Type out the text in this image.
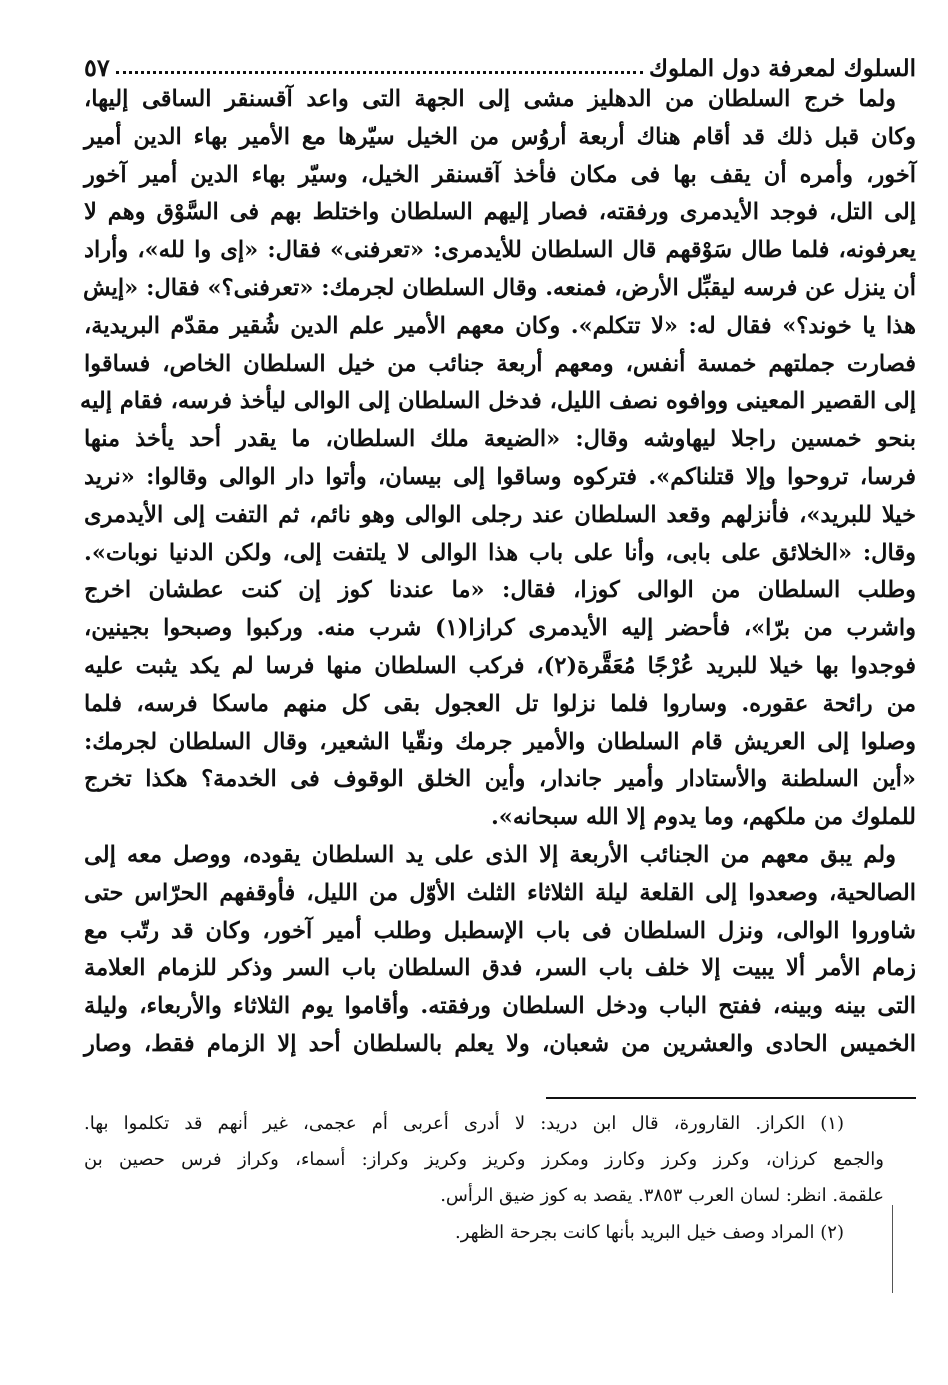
السلوك لمعرفة دول الملوك
٥٧
ولما خرج السلطان من الدهليز مشى إلى الجهة التى واعد آقسنقر الساقى إليها،
وكان قبل ذلك قد أقام هناك أربعة أروُس من الخيل سيّرها مع الأمير بهاء الدين أمير
آخور، وأمره أن يقف بها فى مكان فأخذ آقسنقر الخيل، وسيّر بهاء الدين أمير آخور
إلى التل، فوجد الأيدمرى ورفقته، فصار إليهم السلطان واختلط بهم فى السَّوْق وهم لا
يعرفونه، فلما طال سَوْقهم قال السلطان للأيدمرى: «تعرفنى» فقال: «إى وا لله»، وأراد
أن ينزل عن فرسه ليقبِّل الأرض، فمنعه. وقال السلطان لجرمك: «تعرفنى؟» فقال: «إيش
هذا يا خوند؟» فقال له: «لا تتكلم». وكان معهم الأمير علم الدين شُقير مقدّم البريدية،
فصارت جملتهم خمسة أنفس، ومعهم أربعة جنائب من خيل السلطان الخاص، فساقوا
إلى القصير المعينى ووافوه نصف الليل، فدخل السلطان إلى الوالى ليأخذ فرسه، فقام إليه
بنحو خمسين راجلا ليهاوشه وقال: «الضيعة ملك السلطان، ما يقدر أحد يأخذ منها
فرسا، تروحوا وإلا قتلناكم». فتركوه وساقوا إلى بيسان، وأتوا دار الوالى وقالوا: «نريد
خيلا للبريد»، فأنزلهم وقعد السلطان عند رجلى الوالى وهو نائم، ثم التفت إلى الأيدمرى
وقال: «الخلائق على بابى، وأنا على باب هذا الوالى لا يلتفت إلى، ولكن الدنيا نوبات».
وطلب السلطان من الوالى كوزا، فقال: «ما عندنا كوز إن كنت عطشان اخرج
واشرب من برّا»، فأحضر إليه الأيدمرى كرازا(١) شرب منه. وركبوا وصبحوا بجينين،
فوجدوا بها خيلا للبريد عُرْجًا مُعَقَّرة(٢)، فركب السلطان منها فرسا لم يكد يثبت عليه
من رائحة عقوره. وساروا فلما نزلوا تل العجول بقى كل منهم ماسكا فرسه، فلما
وصلوا إلى العريش قام السلطان والأمير جرمك ونقّيا الشعير، وقال السلطان لجرمك:
«أين السلطنة والأستادار وأمير جاندار، وأين الخلق الوقوف فى الخدمة؟ هكذا تخرج
للملوك من ملكهم، وما يدوم إلا الله سبحانه».
ولم يبق معهم من الجنائب الأربعة إلا الذى على يد السلطان يقوده، ووصل معه إلى
الصالحية، وصعدوا إلى القلعة ليلة الثلاثاء الثلث الأوّل من الليل، فأوقفهم الحرّاس حتى
شاوروا الوالى، ونزل السلطان فى باب الإسطبل وطلب أمير آخور، وكان قد رتّب مع
زمام الأمر ألا يبيت إلا خلف باب السر، فدق السلطان باب السر وذكر للزمام العلامة
التى بينه وبينه، ففتح الباب ودخل السلطان ورفقته. وأقاموا يوم الثلاثاء والأربعاء، وليلة
الخميس الحادى والعشرين من شعبان، ولا يعلم بالسلطان أحد إلا الزمام فقط، وصار
(١) الكراز. القارورة، قال ابن دريد: لا أدرى أعربى أم عجمى، غير أنهم قد تكلموا بها.
والجمع كرزان، وكرز وكرز وكارز ومكرز وكريز وكريز وكراز: أسماء، وكراز فرس حصين بن
علقمة. انظر: لسان العرب ٣٨٥٣. يقصد به كوز ضيق الرأس.
(٢) المراد وصف خيل البريد بأنها كانت بجرحة الظهر.
